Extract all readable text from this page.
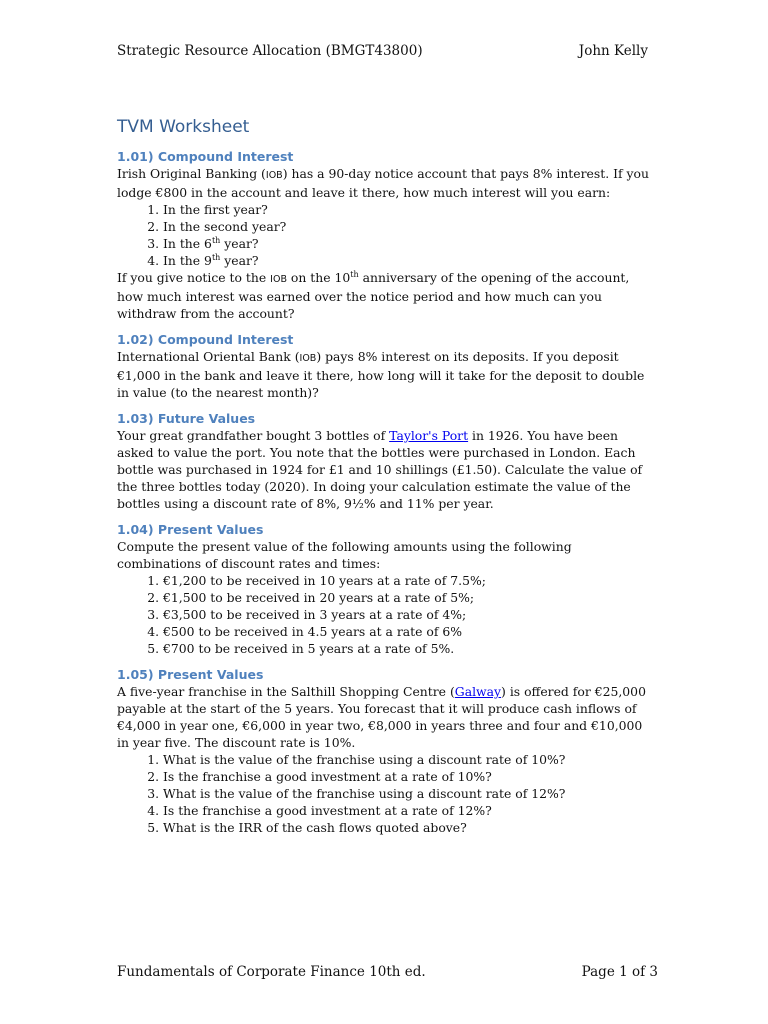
Strategic Resource Allocation (BMGT43800)	John Kelly
TVM Worksheet
1.01) Compound Interest

Irish Original Banking (IOB) has a 90-day notice account that pays 8% interest. If you lodge €800 in the account and leave it there, how much interest will you earn:

1. In the first year?
2. In the second year?
3. In the 6th year?
4. In the 9th year?

If you give notice to the IOB on the 10th anniversary of the opening of the account, how much interest was earned over the notice period and how much can you withdraw from the account?

1.02) Compound Interest

International Oriental Bank (IOB) pays 8% interest on its deposits. If you deposit €1,000 in the bank and leave it there, how long will it take for the deposit to double in value (to the nearest month)?

1.03) Future Values

Your great grandfather bought 3 bottles of Taylor's Port in 1926. You have been asked to value the port. You note that the bottles were purchased in London. Each bottle was purchased in 1924 for £1 and 10 shillings (£1.50). Calculate the value of the three bottles today (2020). In doing your calculation estimate the value of the bottles using a discount rate of 8%, 9½% and 11% per year.

1.04) Present Values

Compute the present value of the following amounts using the following combinations of discount rates and times:

1. €1,200 to be received in 10 years at a rate of 7.5%;
2. €1,500 to be received in 20 years at a rate of 5%;
3. €3,500 to be received in 3 years at a rate of 4%;
4. €500 to be received in 4.5 years at a rate of 6%
5. €700 to be received in 5 years at a rate of 5%.
1.05) Present Values

A five-year franchise in the Salthill Shopping Centre (Galway) is offered for €25,000 payable at the start of the 5 years. You forecast that it will produce cash inflows of €4,000 in year one, €6,000 in year two, €8,000 in years three and four and €10,000 in year five. The discount rate is 10%.

1. What is the value of the franchise using a discount rate of 10%?
2. Is the franchise a good investment at a rate of 10%?
3. What is the value of the franchise using a discount rate of 12%?
4. Is the franchise a good investment at a rate of 12%?
5. What is the IRR of the cash flows quoted above?
Fundamentals of Corporate Finance 10th ed.	Page 1 of 3
